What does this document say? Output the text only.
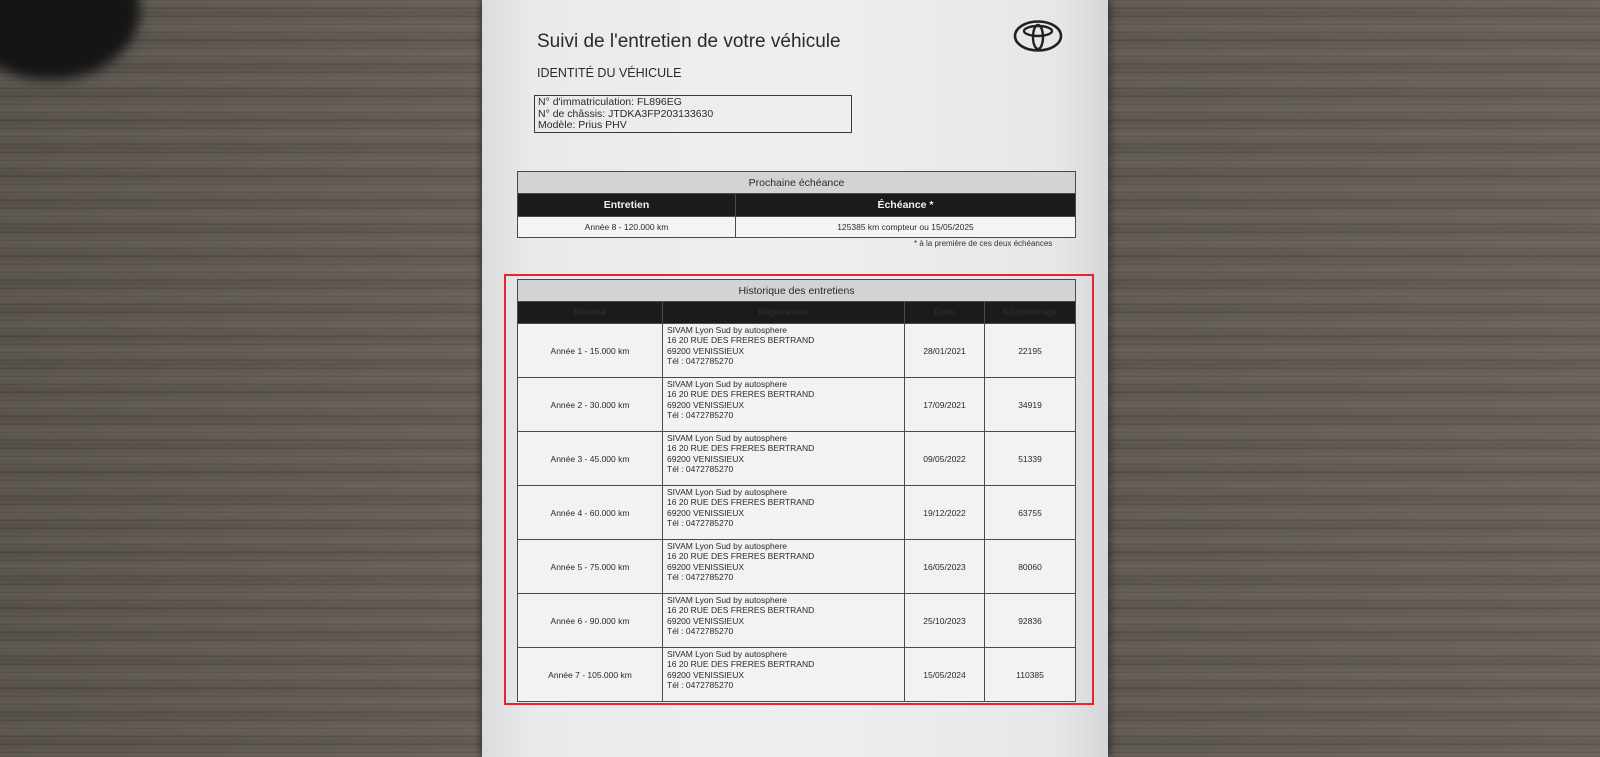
Suivi de l'entretien de votre véhicule
IDENTITÉ DU VÉHICULE
N° d'immatriculation: FL896EG
N° de châssis: JTDKA3FP203133630
Modèle: Prius PHV
Prochaine échéance	
Entretien	Échéance *
Année 8 - 120.000 km	125385 km compteur ou 15/05/2025
* à la première de ces deux échéances
Historique des entretiens			
Réalisé	Réparateur	Date	Kilométrage
Année 1 - 15.000 km	SIVAM Lyon Sud by autosphere
16 20 RUE DES FRERES BERTRAND
69200 VENISSIEUX
Tél : 0472785270	28/01/2021	22195
Année 2 - 30.000 km	SIVAM Lyon Sud by autosphere
16 20 RUE DES FRERES BERTRAND
69200 VENISSIEUX
Tél : 0472785270	17/09/2021	34919
Année 3 - 45.000 km	SIVAM Lyon Sud by autosphere
16 20 RUE DES FRERES BERTRAND
69200 VENISSIEUX
Tél : 0472785270	09/05/2022	51339
Année 4 - 60.000 km	SIVAM Lyon Sud by autosphere
16 20 RUE DES FRERES BERTRAND
69200 VENISSIEUX
Tél : 0472785270	19/12/2022	63755
Année 5 - 75.000 km	SIVAM Lyon Sud by autosphere
16 20 RUE DES FRERES BERTRAND
69200 VENISSIEUX
Tél : 0472785270	16/05/2023	80060
Année 6 - 90.000 km	SIVAM Lyon Sud by autosphere
16 20 RUE DES FRERES BERTRAND
69200 VENISSIEUX
Tél : 0472785270	25/10/2023	92836
Année 7 - 105.000 km	SIVAM Lyon Sud by autosphere
16 20 RUE DES FRERES BERTRAND
69200 VENISSIEUX
Tél : 0472785270	15/05/2024	110385
